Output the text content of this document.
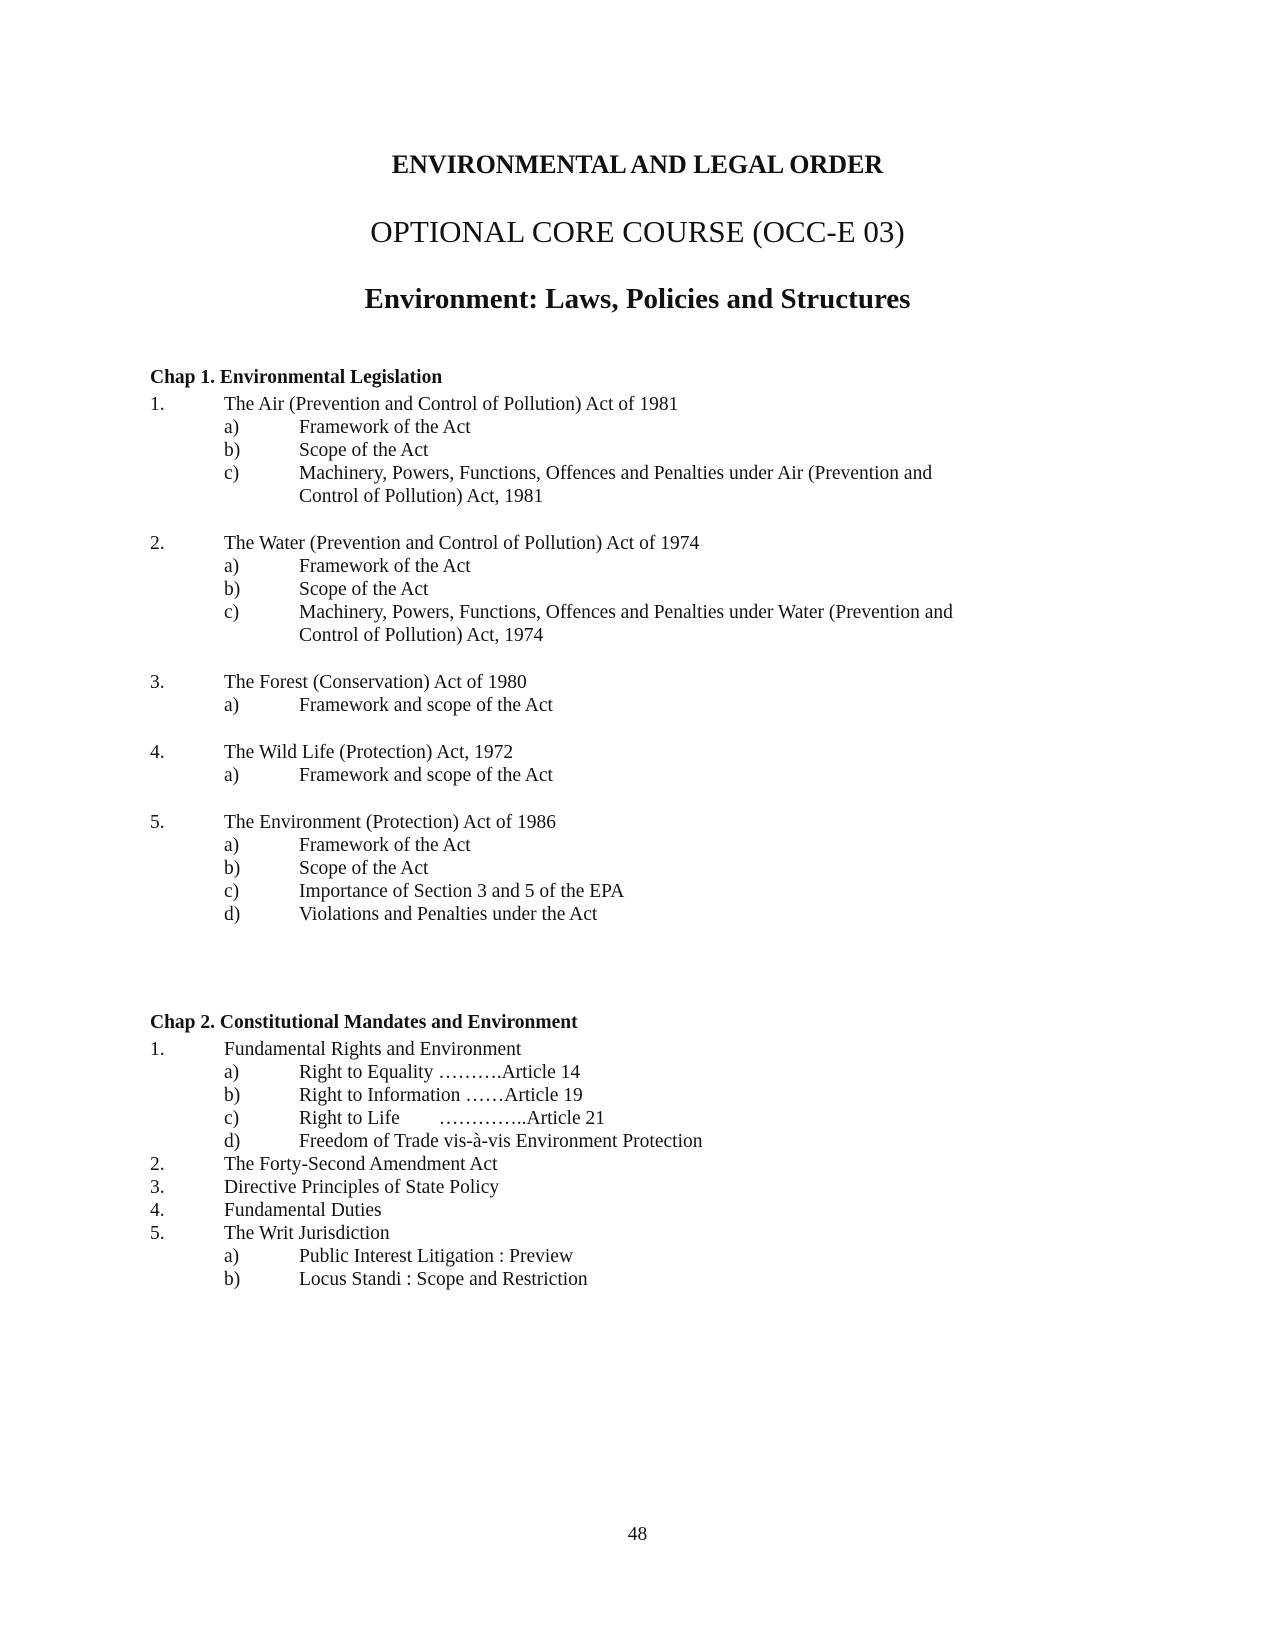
ENVIRONMENTAL AND LEGAL ORDER
OPTIONAL CORE COURSE (OCC-E 03)
Environment: Laws, Policies and Structures
Chap 1. Environmental Legislation
1.	The Air (Prevention and Control of Pollution) Act of 1981
a)	Framework of the Act
b)	Scope of the Act
c)	Machinery, Powers, Functions, Offences and Penalties under Air (Prevention and
Control of Pollution) Act, 1981
2.	The Water (Prevention and Control of Pollution) Act of 1974
a)	Framework of the Act
b)	Scope of the Act
c)	Machinery, Powers, Functions, Offences and Penalties under Water (Prevention and
Control of Pollution) Act, 1974
3.	The Forest (Conservation) Act of 1980
a)	Framework and scope of the Act
4.	The Wild Life (Protection) Act, 1972
a)	Framework and scope of the Act
5.	The Environment (Protection) Act of 1986
a)	Framework of the Act
b)	Scope of the Act
c)	Importance of Section 3 and 5 of the EPA
d)	Violations and Penalties under the Act
Chap 2. Constitutional Mandates and Environment
1.	Fundamental Rights and Environment
a)	Right to Equality ……….Article 14
b)	Right to Information ……Article 19
c)	Right to Life        …………..Article 21
d)	Freedom of Trade vis-à-vis Environment Protection
2.	The Forty-Second Amendment Act
3.	Directive Principles of State Policy
4.	Fundamental Duties
5.	The Writ Jurisdiction
a)	Public Interest Litigation : Preview
b)	Locus Standi : Scope and Restriction
48
